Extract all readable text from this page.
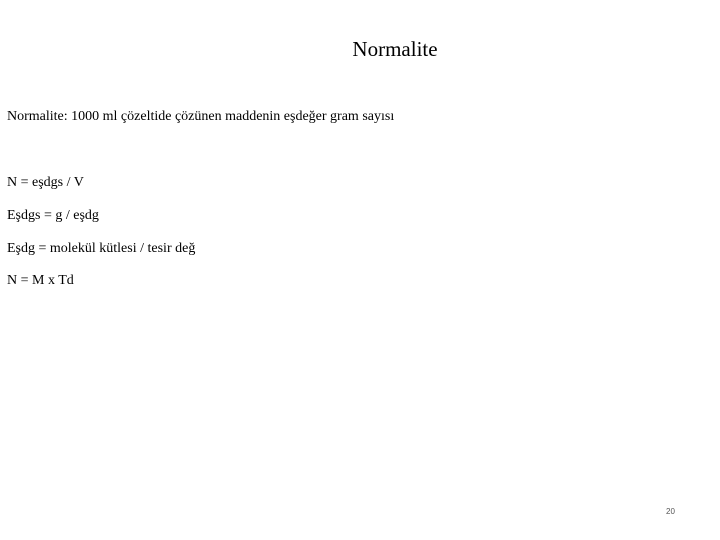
Normalite
Normalite: 1000 ml çözeltide çözünen maddenin eşdeğer gram sayısı
N = eşdgs / V
Eşdgs = g / eşdg
Eşdg = molekül kütlesi / tesir değ
N = M x Td
20
